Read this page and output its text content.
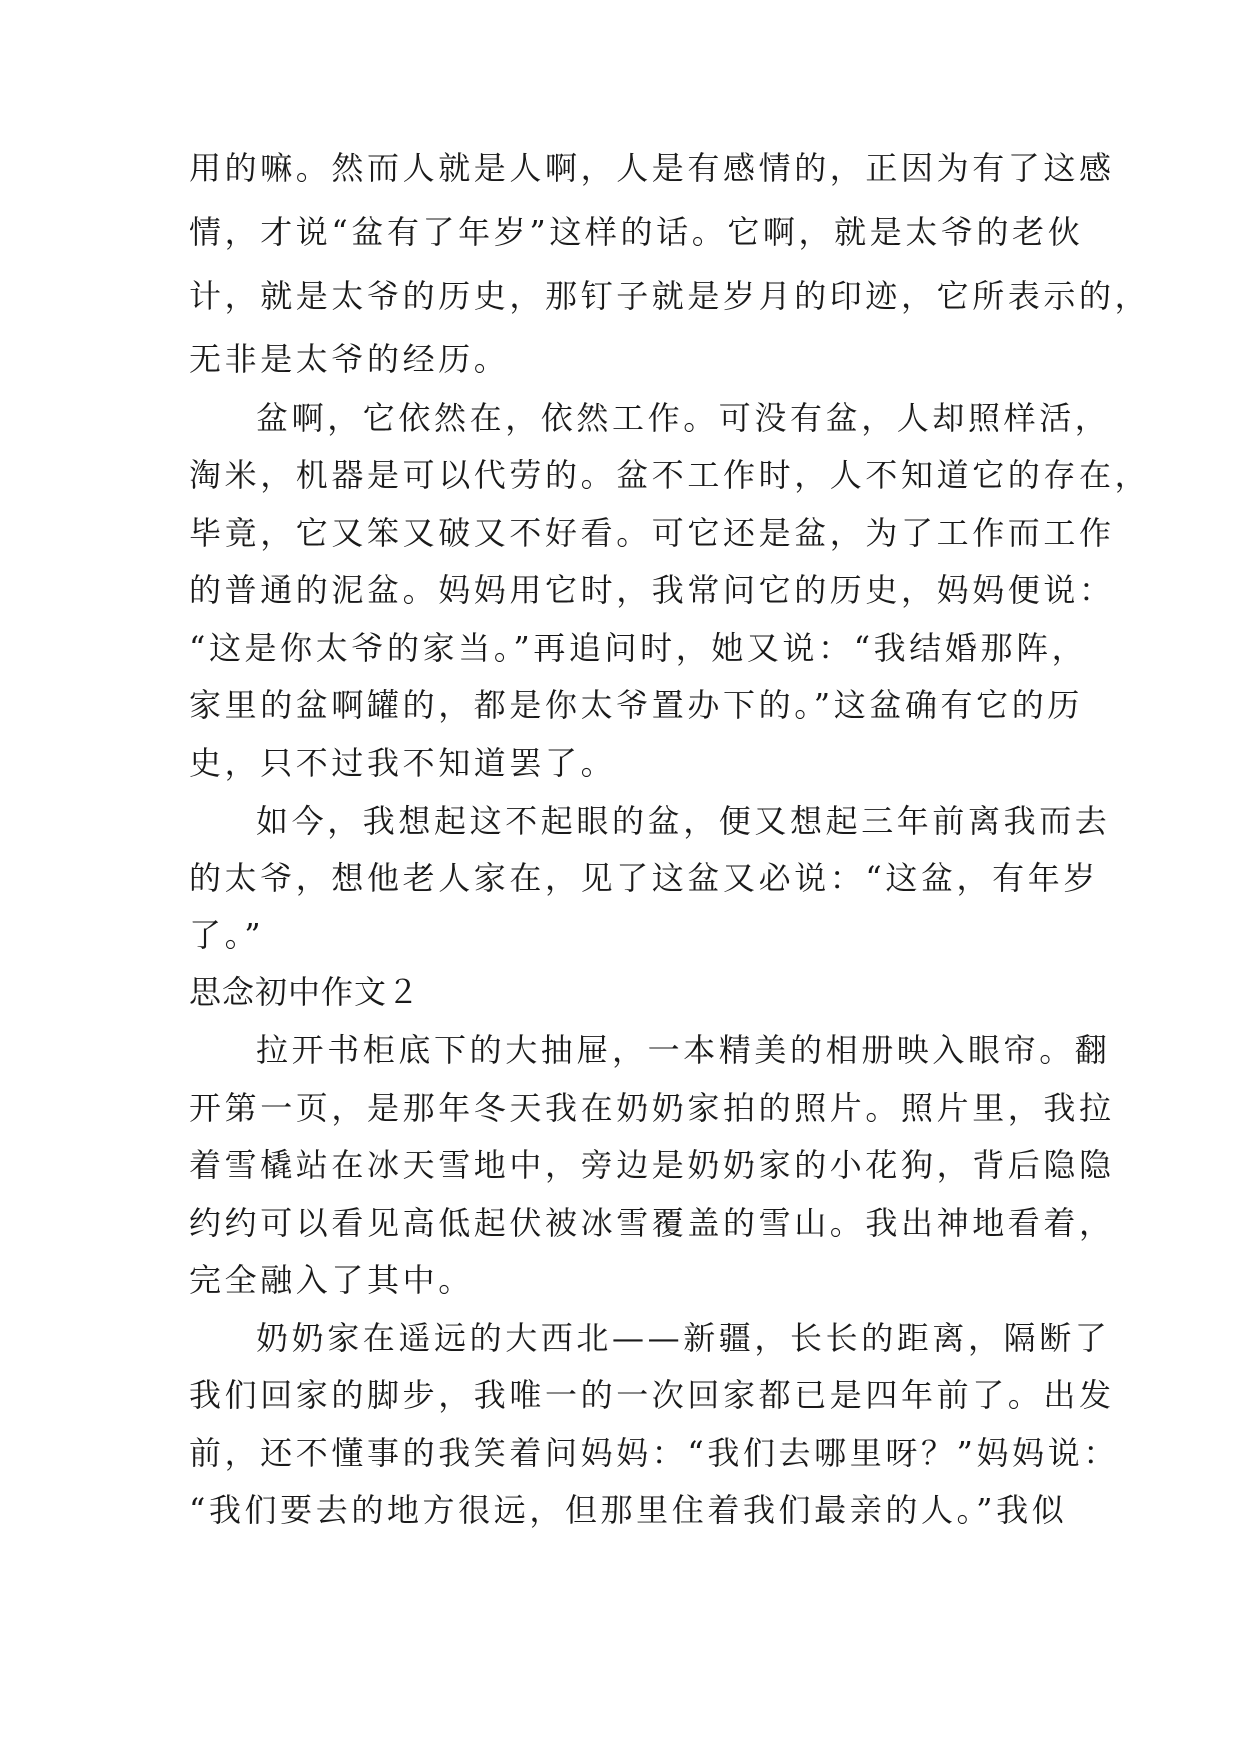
用的嘛。然而人就是人啊，人是有感情的，正因为有了这感
情，才说“盆有了年岁”这样的话。它啊，就是太爷的老伙
计，就是太爷的历史，那钉子就是岁月的印迹，它所表示的，
无非是太爷的经历。
盆啊，它依然在，依然工作。可没有盆，人却照样活，
淘米，机器是可以代劳的。盆不工作时，人不知道它的存在，
毕竟，它又笨又破又不好看。可它还是盆，为了工作而工作
的普通的泥盆。妈妈用它时，我常问它的历史，妈妈便说：
“这是你太爷的家当。”再追问时，她又说：“我结婚那阵，
家里的盆啊罐的，都是你太爷置办下的。”这盆确有它的历
史，只不过我不知道罢了。
如今，我想起这不起眼的盆，便又想起三年前离我而去
的太爷，想他老人家在，见了这盆又必说：“这盆，有年岁
了。”
思念初中作文２
拉开书柜底下的大抽屉，一本精美的相册映入眼帘。翻
开第一页，是那年冬天我在奶奶家拍的照片。照片里，我拉
着雪橇站在冰天雪地中，旁边是奶奶家的小花狗，背后隐隐
约约可以看见高低起伏被冰雪覆盖的雪山。我出神地看着，
完全融入了其中。
奶奶家在遥远的大西北——新疆，长长的距离，隔断了
我们回家的脚步，我唯一的一次回家都已是四年前了。出发
前，还不懂事的我笑着问妈妈：“我们去哪里呀？”妈妈说：
“我们要去的地方很远，但那里住着我们最亲的人。”我似
